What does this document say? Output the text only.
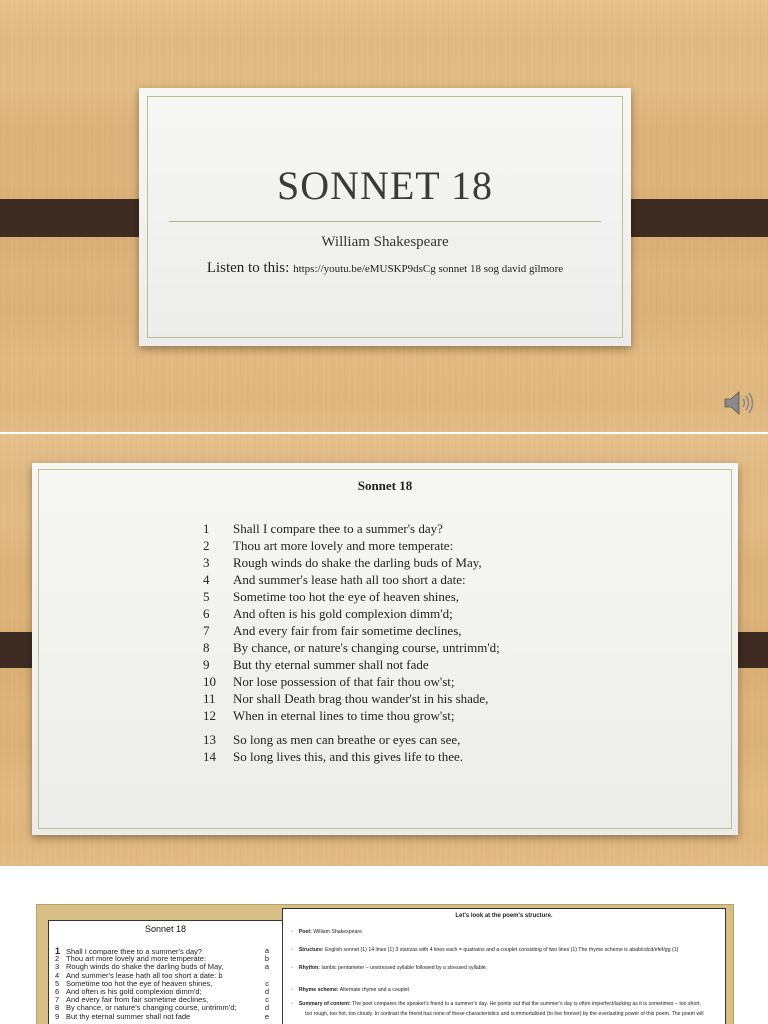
SONNET 18
William Shakespeare
Listen to this: https://youtu.be/eMUSKP9dsCg sonnet 18 sog david gilmore
Sonnet 18
1 Shall I compare thee to a summer's day?
2 Thou art more lovely and more temperate:
3 Rough winds do shake the darling buds of May,
4 And summer's lease hath all too short a date:
5 Sometime too hot the eye of heaven shines,
6 And often is his gold complexion dimm'd;
7 And every fair from fair sometime declines,
8 By chance, or nature's changing course, untrimm'd;
9 But thy eternal summer shall not fade
10 Nor lose possession of that fair thou ow'st;
11 Nor shall Death brag thou wander'st in his shade,
12 When in eternal lines to time thou grow'st;
13 So long as men can breathe or eyes can see,
14 So long lives this, and this gives life to thee.
Sonnet 18
1 Shall I compare thee to a summer's day?	a
2 Thou art more lovely and more temperate:	b
3 Rough winds do shake the darling buds of May,	a
4 And summer's lease hath all too short a date: b
5 Sometime too hot the eye of heaven shines,	c
6 And often is his gold complexion dimm'd;	d
7 And every fair from fair sometime declines,	c
8 By chance, or nature's changing course, untrimm'd;	d
9 But thy eternal summer shall not fade	e
Let's look at the poem's structure.
• Poet: William Shakespeare
• Structure: English sonnet (1) 14 lines (1) 3 stanzas with 4 lines each = quatrains and a couplet consisting of two lines (1) The rhyme scheme is abab/cdcd/efef/gg (1)
• Rhythm: Iambic pentameter – unstressed syllable followed by a stressed syllable.
• Rhyme scheme: Alternate rhyme and a couplet
• Summary of content: The poet compares the speaker's friend to a summer's day. He points out that the summer's day is often imperfect/lacking as it is sometimes – too short,
too rough, too hot, too cloudy. In contrast the friend has none of these characteristics and is immortalised (to live forever) by the everlasting power of this poem. The poem will
